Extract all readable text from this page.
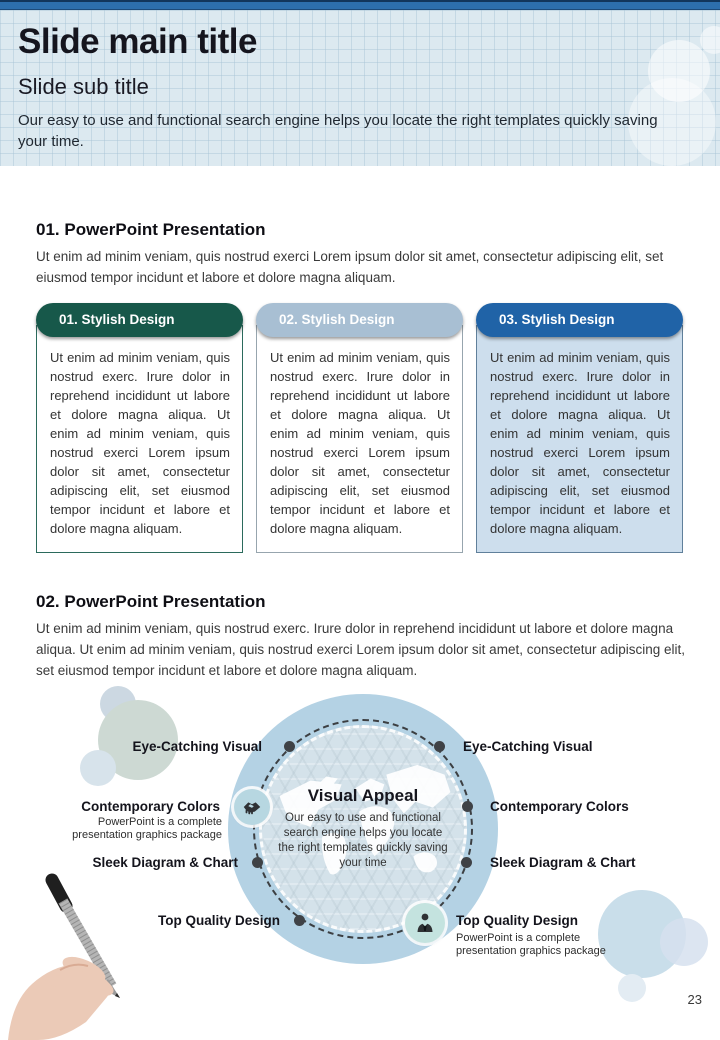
Slide main title
Slide sub title
Our easy to use and functional search engine helps you locate the right templates quickly saving your time.
01. PowerPoint Presentation
Ut enim ad minim veniam, quis nostrud exerci Lorem ipsum dolor sit amet, consectetur adipiscing elit, set eiusmod tempor incidunt et labore et dolore magna aliquam.
01. Stylish Design
Ut enim ad minim veniam, quis nostrud exerc. Irure dolor in reprehend incididunt ut labore et dolore magna aliqua. Ut enim ad minim veniam, quis nostrud exerci Lorem ipsum dolor sit amet, consectetur adipiscing elit, set eiusmod tempor incidunt et labore et dolore magna aliquam.
02. Stylish Design
Ut enim ad minim veniam, quis nostrud exerc. Irure dolor in reprehend incididunt ut labore et dolore magna aliqua. Ut enim ad minim veniam, quis nostrud exerci Lorem ipsum dolor sit amet, consectetur adipiscing elit, set eiusmod tempor incidunt et labore et dolore magna aliquam.
03. Stylish Design
Ut enim ad minim veniam, quis nostrud exerc. Irure dolor in reprehend incididunt ut labore et dolore magna aliqua. Ut enim ad minim veniam, quis nostrud exerci Lorem ipsum dolor sit amet, consectetur adipiscing elit, set eiusmod tempor incidunt et labore et dolore magna aliquam.
02. PowerPoint Presentation
Ut enim ad minim veniam, quis nostrud exerc. Irure dolor in reprehend incididunt ut labore et dolore magna aliqua. Ut enim ad minim veniam, quis nostrud exerci Lorem ipsum dolor sit amet, consectetur adipiscing elit, set eiusmod tempor incidunt et labore et dolore magna aliquam.
Visual Appeal
Our easy to use and functional search engine helps you locate the right templates quickly saving your time
Eye-Catching Visual
Contemporary Colors
PowerPoint is a complete presentation graphics package
Sleek Diagram & Chart
Top Quality Design
Eye-Catching Visual
Contemporary Colors
Sleek Diagram & Chart
Top Quality Design
PowerPoint is a complete presentation graphics package
23
